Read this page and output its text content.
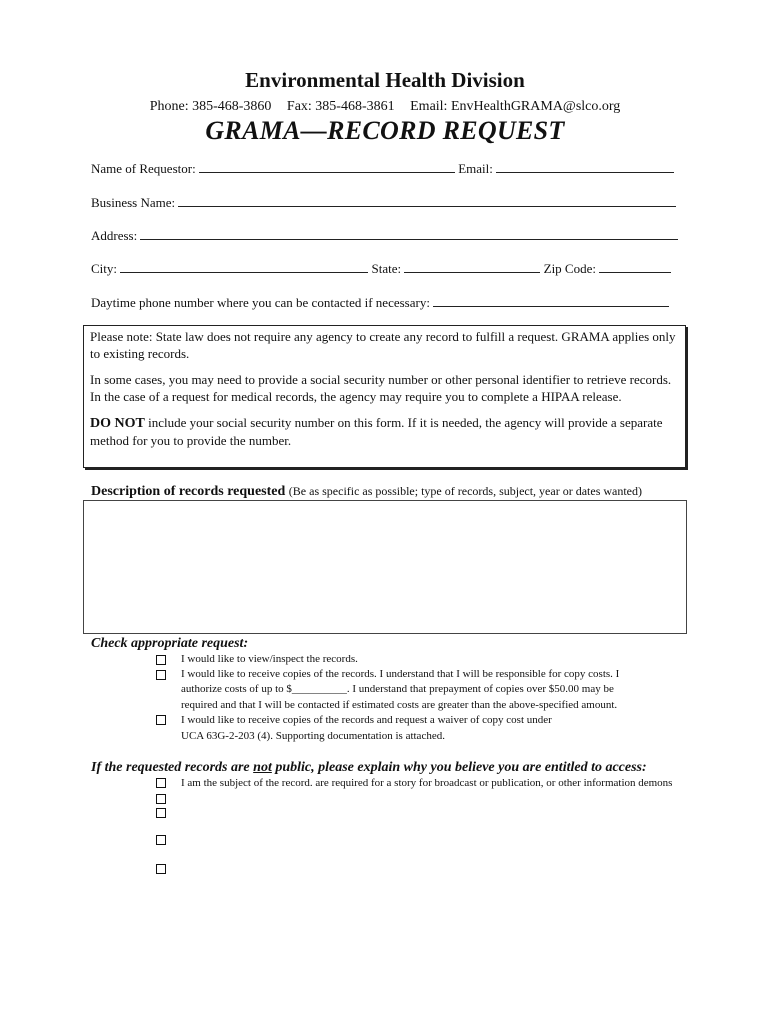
Environmental Health Division
Phone: 385-468-3860 Fax: 385-468-3861 Email: EnvHealthGRAMA@slco.org
GRAMA—RECORD REQUEST
Name of Requestor:	Email:
Business Name:
Address:
City:	State:	Zip Code:
Daytime phone number where you can be contacted if necessary:

Please note: State law does not require any agency to create any record to fulfill a request. GRAMA applies only to existing records.

In some cases, you may need to provide a social security number or other personal identifier to retrieve records. In the case of a request for medical records, the agency may require you to complete a HIPAA release.

DO NOT include your social security number on this form. If it is needed, the agency will provide a separate method for you to provide the number.

Description of records requested (Be as specific as possible; type of records, subject, year or dates wanted)
Check appropriate request:
I would like to view/inspect the records.
I would like to receive copies of the records. I understand that I will be responsible for copy costs. I
authorize costs of up to $__________. I understand that prepayment of copies over $50.00 may be
required and that I will be contacted if estimated costs are greater than the above-specified amount.
I would like to receive copies of the records and request a waiver of copy cost under
UCA 63G-2-203 (4). Supporting documentation is attached.
If the requested records are not public, please explain why you believe you are entitled to access:
I am the subject of the record. are required for a story for broadcast or publication, or other information demons
